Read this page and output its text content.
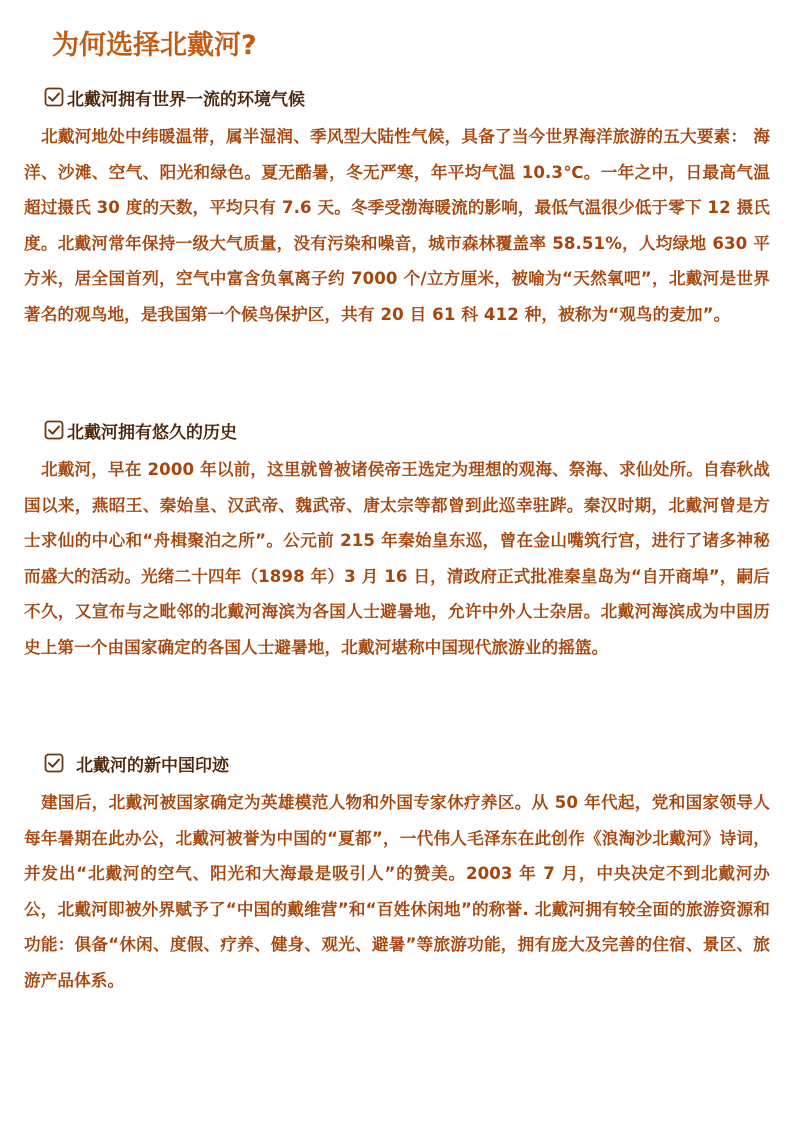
为何选择北戴河?
北戴河拥有世界一流的环境气候

北戴河地处中纬暖温带，属半湿润、季风型大陆性气候，具备了当今世界海洋旅游的五大要素： 海洋、沙滩、空气、阳光和绿色。夏无酷暑，冬无严寒，年平均气温 10.3℃。一年之中，日最高气温超过摄氏 30 度的天数，平均只有 7.6 天。冬季受渤海暖流的影响，最低气温很少低于零下 12 摄氏度。北戴河常年保持一级大气质量，没有污染和噪音，城市森林覆盖率 58.51%，人均绿地 630 平方米，居全国首列，空气中富含负氧离子约 7000 个/立方厘米，被喻为“天然氧吧”，北戴河是世界著名的观鸟地，是我国第一个候鸟保护区，共有 20 目 61 科 412 种，被称为“观鸟的麦加”。

北戴河拥有悠久的历史

北戴河，早在 2000 年以前，这里就曾被诸侯帝王选定为理想的观海、祭海、求仙处所。自春秋战国以来，燕昭王、秦始皇、汉武帝、魏武帝、唐太宗等都曾到此巡幸驻跸。秦汉时期，北戴河曾是方士求仙的中心和“舟楫聚泊之所”。公元前 215 年秦始皇东巡，曾在金山嘴筑行宫，进行了诸多神秘而盛大的活动。光绪二十四年（1898 年）3 月 16 日，清政府正式批准秦皇岛为“自开商埠”，嗣后不久，又宣布与之毗邻的北戴河海滨为各国人士避暑地，允许中外人士杂居。北戴河海滨成为中国历史上第一个由国家确定的各国人士避暑地，北戴河堪称中国现代旅游业的摇篮。

北戴河的新中国印迹

建国后，北戴河被国家确定为英雄模范人物和外国专家休疗养区。从 50 年代起，党和国家领导人每年暑期在此办公，北戴河被誉为中国的“夏都”，一代伟人毛泽东在此创作《浪淘沙北戴河》诗词，并发出“北戴河的空气、阳光和大海最是吸引人”的赞美。2003 年 7 月，中央决定不到北戴河办公，北戴河即被外界赋予了“中国的戴维营”和“百姓休闲地”的称誉. 北戴河拥有较全面的旅游资源和功能：俱备“休闲、度假、疗养、健身、观光、避暑”等旅游功能，拥有庞大及完善的住宿、景区、旅游产品体系。
